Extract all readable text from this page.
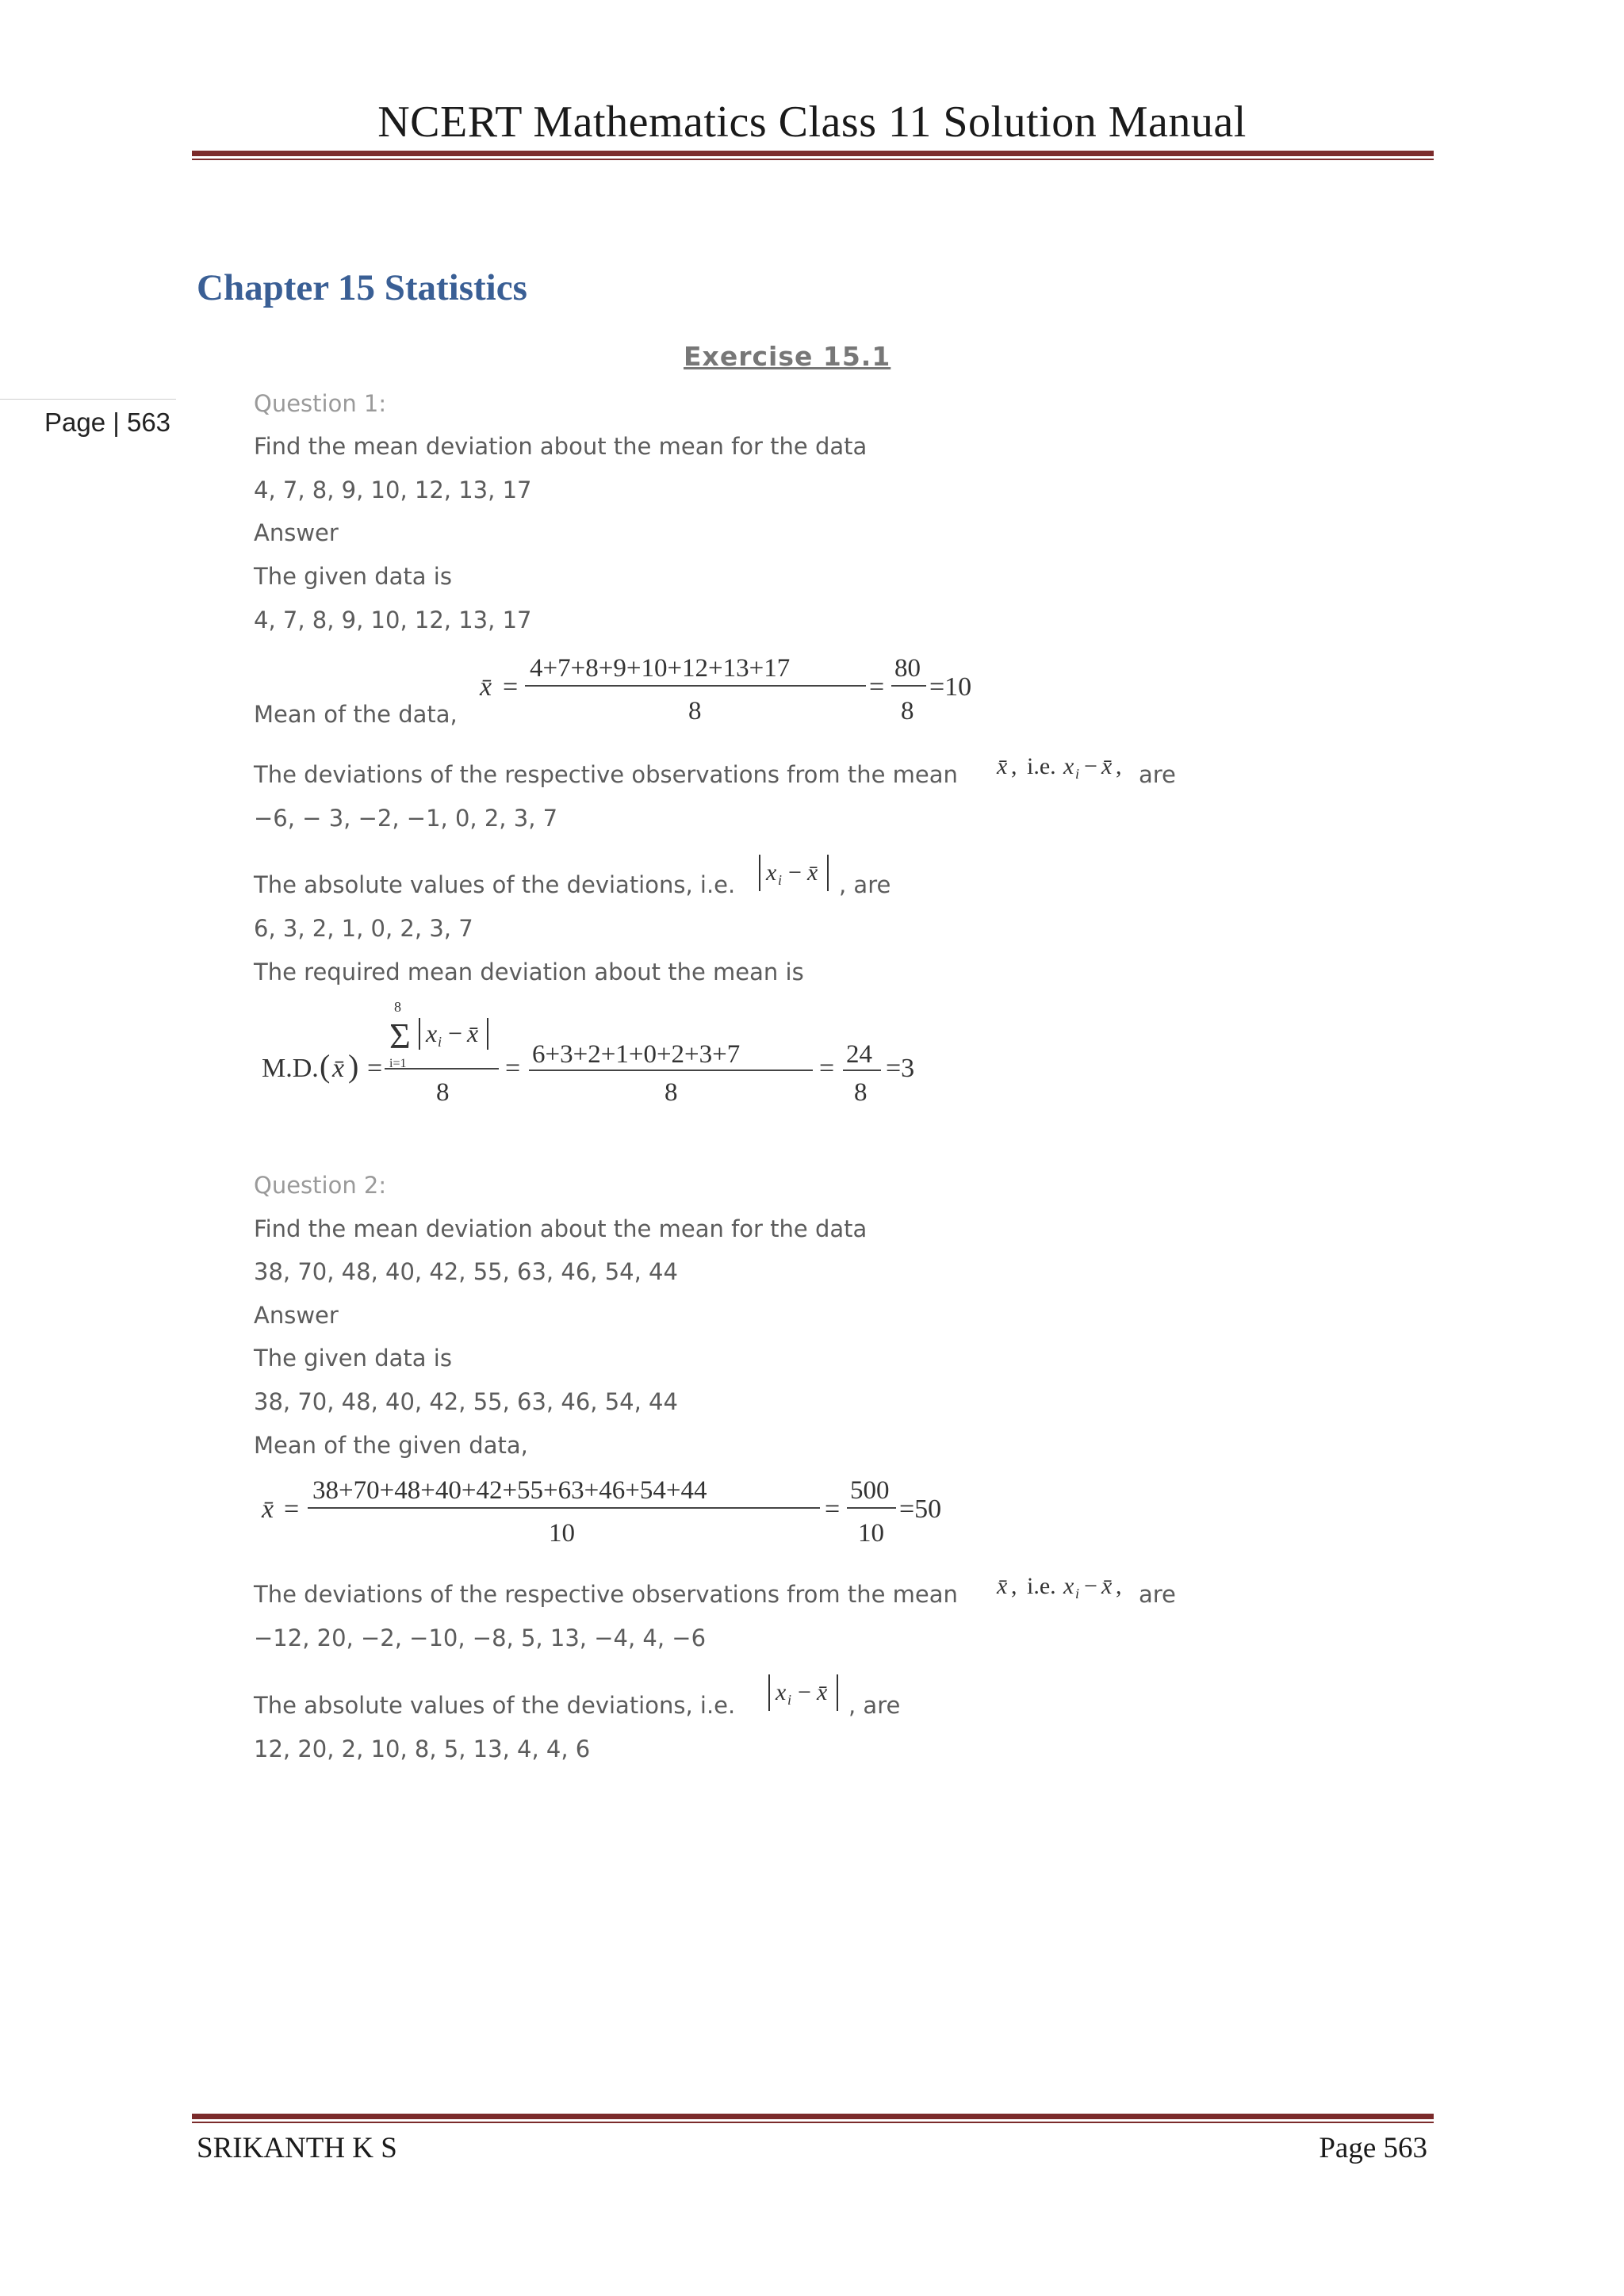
NCERT Mathematics Class 11 Solution Manual
Chapter 15 Statistics
Exercise 15.1
Page | 563
Question 1:
Find the mean deviation about the mean for the data
4, 7, 8, 9, 10, 12, 13, 17
Answer
The given data is
4, 7, 8, 9, 10, 12, 13, 17
Mean of the data,
x̄ =
4+7+8+9+10+12+13+17
8
=
80
8
=10
The deviations of the respective observations from the mean x̄ , i.e. x i − x̄ , are
−6, − 3, −2, −1, 0, 2, 3, 7
The absolute values of the deviations, i.e. x i − x̄ , are
6, 3, 2, 1, 0, 2, 3, 7
The required mean deviation about the mean is
M.D. ( x̄ ) =
8
Σ
i=1
x i − x̄
8
= 6+3+2+1+0+2+3+7
8
= 24
8
=3
Question 2:
Find the mean deviation about the mean for the data
38, 70, 48, 40, 42, 55, 63, 46, 54, 44
Answer
The given data is
38, 70, 48, 40, 42, 55, 63, 46, 54, 44
Mean of the given data,
x̄ =
38+70+48+40+42+55+63+46+54+44
10
=
500
10
=50
The deviations of the respective observations from the mean x̄ , i.e. x i − x̄ , are
−12, 20, −2, −10, −8, 5, 13, −4, 4, −6
The absolute values of the deviations, i.e. x i − x̄ , are
12, 20, 2, 10, 8, 5, 13, 4, 4, 6
SRIKANTH K S	Page 563
